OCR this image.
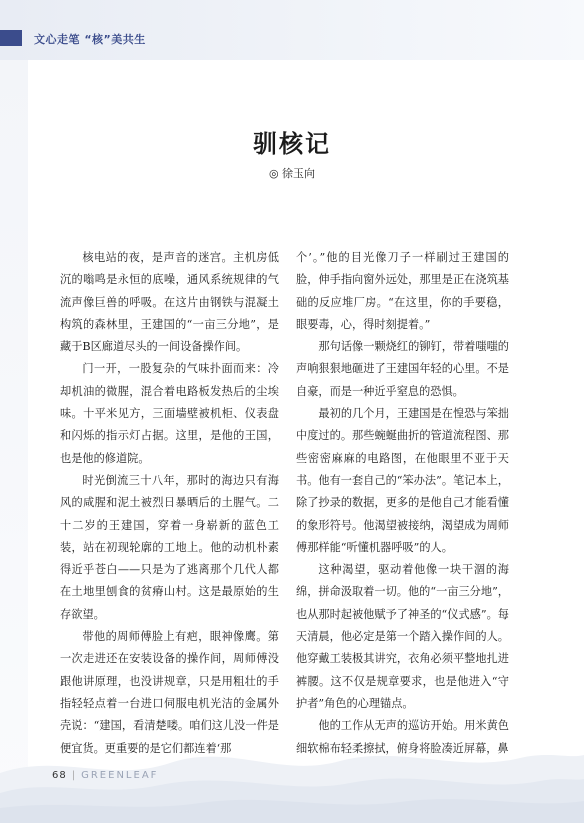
文心走笔 “核”美共生
驯核记
◎ 徐玉向

核电站的夜，是声音的迷宫。主机房低沉的嗡鸣是永恒的底噪，通风系统规律的气流声像巨兽的呼吸。在这片由钢铁与混凝土构筑的森林里，王建国的“一亩三分地”，是藏于B区廊道尽头的一间设备操作间。

门一开，一股复杂的气味扑面而来：冷却机油的微腥，混合着电路板发热后的尘埃味。十平米见方，三面墙壁被机柜、仪表盘和闪烁的指示灯占据。这里，是他的王国，也是他的修道院。

时光倒流三十八年，那时的海边只有海风的咸腥和泥土被烈日暴晒后的土腥气。二十二岁的王建国，穿着一身崭新的蓝色工装，站在初现轮廓的工地上。他的动机朴素得近乎苍白——只是为了逃离那个几代人都在土地里刨食的贫瘠山村。这是最原始的生存欲望。

带他的周师傅脸上有疤，眼神像鹰。第一次走进还在安装设备的操作间，周师傅没跟他讲原理，也没讲规章，只是用粗壮的手指轻轻点着一台进口伺服电机光洁的金属外壳说：“建国，看清楚喽。咱们这儿没一件是便宜货。更重要的是它们都连着‘那

个’。”他的目光像刀子一样刷过王建国的脸，伸手指向窗外远处，那里是正在浇筑基础的反应堆厂房。“在这里，你的手要稳，眼要毒，心，得时刻提着。”

那句话像一颗烧红的铆钉，带着嗤嗤的声响狠狠地砸进了王建国年轻的心里。不是自豪，而是一种近乎窒息的恐惧。

最初的几个月，王建国是在惶恐与笨拙中度过的。那些蜿蜒曲折的管道流程图、那些密密麻麻的电路图，在他眼里不亚于天书。他有一套自己的“笨办法”。笔记本上，除了抄录的数据，更多的是他自己才能看懂的象形符号。他渴望被接纳，渴望成为周师傅那样能“听懂机器呼吸”的人。

这种渴望，驱动着他像一块干涸的海绵，拼命汲取着一切。他的“一亩三分地”，也从那时起被他赋予了神圣的“仪式感”。每天清晨，他必定是第一个踏入操作间的人。他穿戴工装极其讲究，衣角必须平整地扎进裤腰。这不仅是规章要求，也是他进入“守护者”角色的心理锚点。

他的工作从无声的巡访开始。用米黄色细软棉布轻柔擦拭，俯身将脸凑近屏幕，鼻

68 | GREENLEAF
